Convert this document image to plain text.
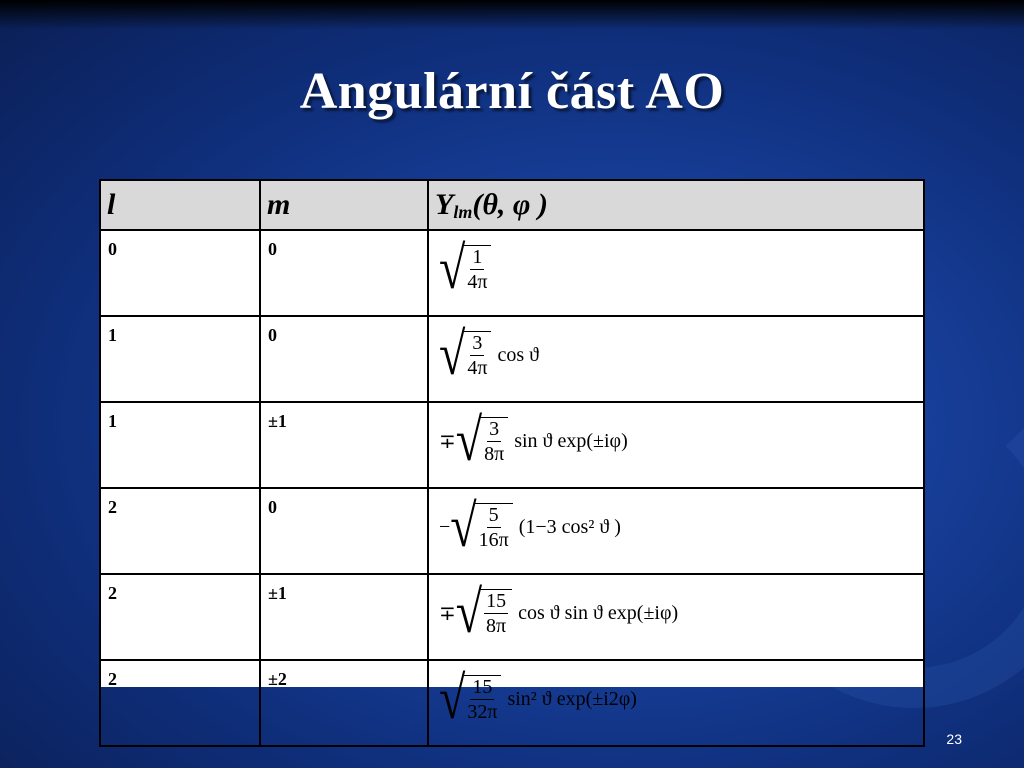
Angulární část AO
l	m	$Y_{lm}(\theta$, φ )
0	0	√
$\frac{1}{4\pi}$

1	0	√
$\frac{3}{4\pi}$ cos ϑ

1	±1	∓ √
$\frac{3}{8\pi}$ sin ϑ exp(±iφ)

2	0	− √
$\frac{5}{16\pi} (1-3$ cos² ϑ )

2	±1	∓ √
$\frac{15}{8\pi}$ cos ϑ sin ϑ exp(±iφ)

2	±2	√
$\frac{15}{32\pi} \sin^2$ ϑ exp(±i2φ)
23
